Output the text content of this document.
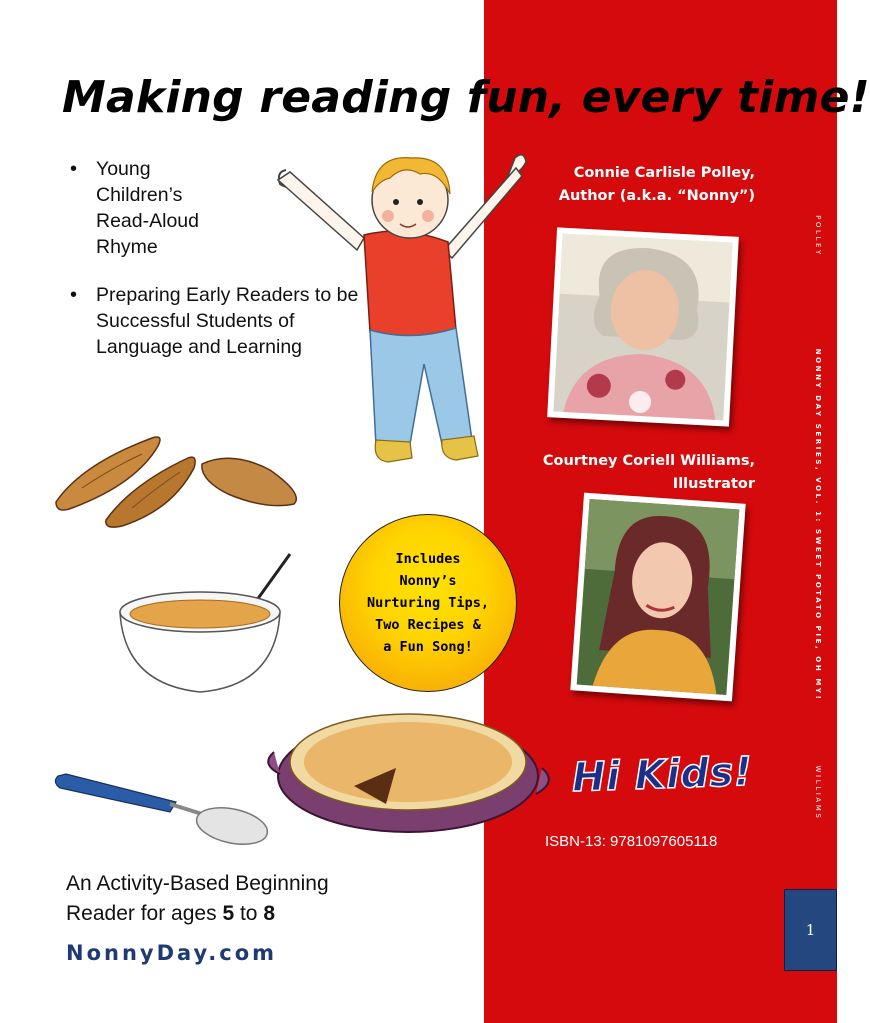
Making reading fun, every time!
• Young Children’s Read-Aloud Rhyme
• Preparing Early Readers to be Successful Students of Language and Learning
Connie Carlisle Polley,
Author (a.k.a. “Nonny”)
Courtney Coriell Williams,
Illustrator
Includes
Nonny’s
Nurturing Tips,
Two Recipes &
a Fun Song!
Hi Kids!
ISBN-13: 9781097605118
POLLEY
NONNY DAY SERIES, VOL. 1: SWEET POTATO PIE, OH MY!
WILLIAMS
1
An Activity-Based Beginning
Reader for ages 5 to 8
NonnyDay.com
